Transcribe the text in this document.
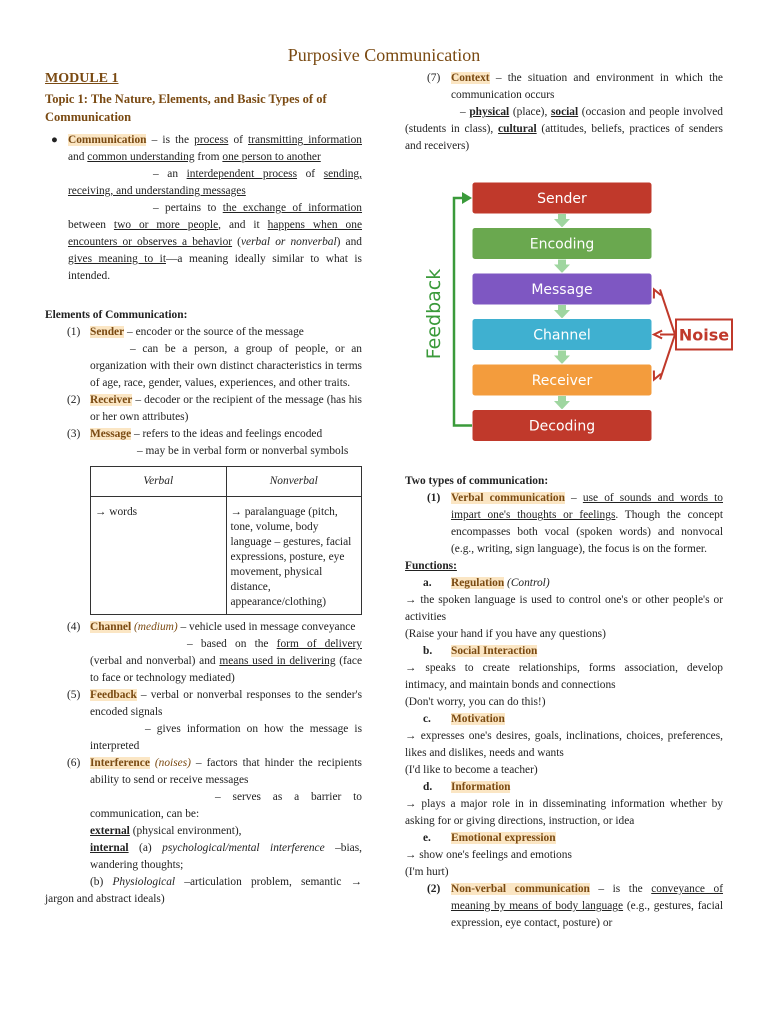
Purposive Communication

MODULE 1

Topic 1: The Nature, Elements, and Basic Types of of Communication

● Communication – is the process of transmitting information and common understanding from one person to another

– an interdependent process of sending, receiving, and understanding messages

– pertains to the exchange of information between two or more people, and it happens when one encounters or observes a behavior (verbal or nonverbal) and gives meaning to it—a meaning ideally similar to what is intended.

Elements of Communication:

(1) Sender – encoder or the source of the message

– can be a person, a group of people, or an organization with their own distinct characteristics in terms of age, race, gender, values, experiences, and other traits.

(2) Receiver – decoder or the recipient of the message (has his or her own attributes)
(3) Message – refers to the ideas and feelings encoded

– may be in verbal form or nonverbal symbols

Verbal	Nonverbal
→ words	→ paralanguage (pitch, tone, volume, body language – gestures, facial expressions, posture, eye movement, physical distance, appearance/clothing)
(4) Channel (medium) – vehicle used in message conveyance

– based on the form of delivery (verbal and nonverbal) and means used in delivering (face to face or technology mediated)

(5) Feedback – verbal or nonverbal responses to the sender's encoded signals

– gives information on how the message is interpreted

(6) Interference (noises) – factors that hinder the recipients ability to send or receive messages

– serves as a barrier to communication, can be:

external (physical environment),

internal (a) psychological/mental interference –bias, wandering thoughts;

(b) Physiological –articulation problem, semantic → jargon and abstract ideals)

(7) Context – the situation and environment in which the communication occurs

– physical (place), social (occasion and people involved (students in class), cultural (attitudes, beliefs, practices of senders and receivers)

Two types of communication:

(1) Verbal communication – use of sounds and words to impart one's thoughts or feelings. Though the concept encompasses both vocal (spoken words) and nonvocal (e.g., writing, sign language), the focus is on the former.

Functions:

a. Regulation (Control)

→ the spoken language is used to control one's or other people's or activities

(Raise your hand if you have any questions)

b. Social Interaction

→ speaks to create relationships, forms association, develop intimacy, and maintain bonds and connections

(Don't worry, you can do this!)

c. Motivation

→ expresses one's desires, goals, inclinations, choices, preferences, likes and dislikes, needs and wants

(I'd like to become a teacher)

d. Information

→ plays a major role in in disseminating information whether by asking for or giving directions, instruction, or idea

e. Emotional expression

→ show one's feelings and emotions

(I'm hurt)

(2) Non-verbal communication – is the conveyance of meaning by means of body language (e.g., gestures, facial expression, eye contact, posture) or
Sender
Encoding
Message
Channel
Receiver
Decoding
Feedback	Noise
